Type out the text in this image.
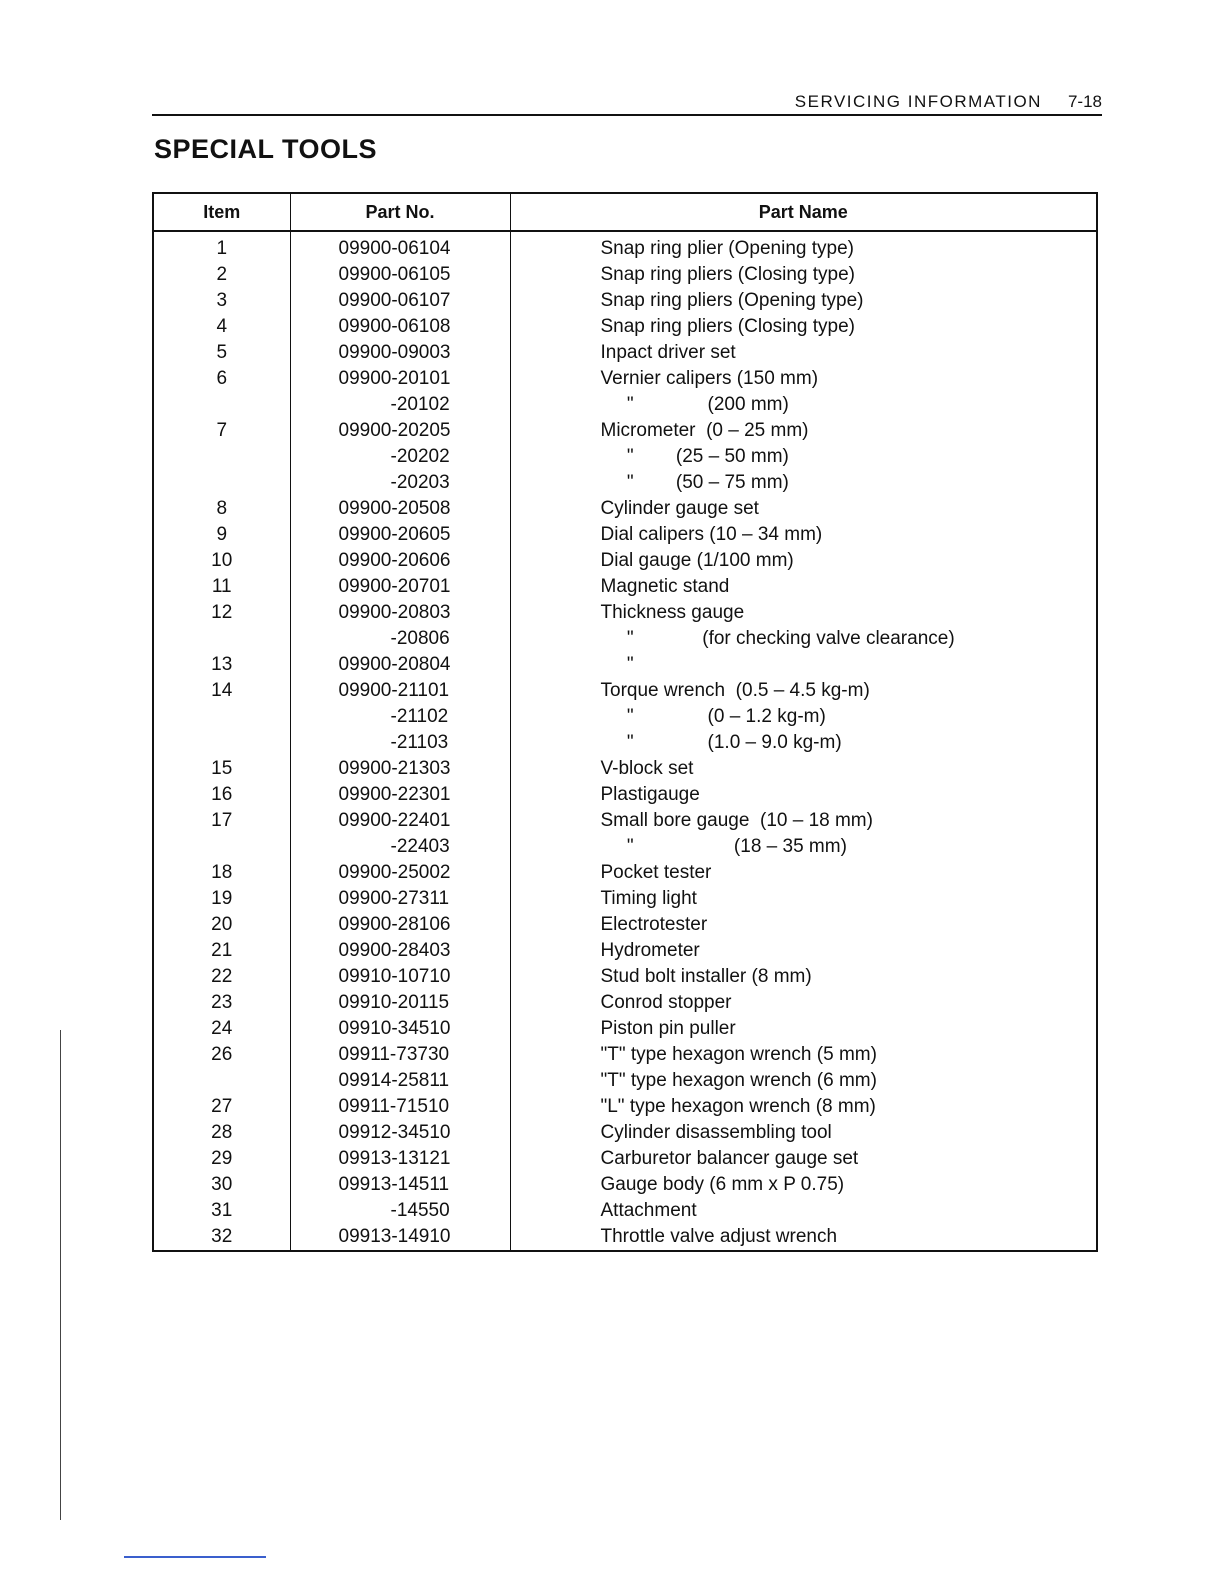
SERVICING INFORMATION 7-18
SPECIAL TOOLS
Item	Part No.	Part Name

1	09900-06104	Snap ring plier (Opening type)
2	09900-06105	Snap ring pliers (Closing type)
3	09900-06107	Snap ring pliers (Opening type)
4	09900-06108	Snap ring pliers (Closing type)
5	09900-09003	Inpact driver set
6	09900-20101	Vernier calipers (150 mm)
	-20102	"              (200 mm)
7	09900-20205	Micrometer  (0 – 25 mm)
	-20202	"        (25 – 50 mm)
	-20203	"        (50 – 75 mm)
8	09900-20508	Cylinder gauge set
9	09900-20605	Dial calipers (10 – 34 mm)
10	09900-20606	Dial gauge (1/100 mm)
11	09900-20701	Magnetic stand
12	09900-20803	Thickness gauge
	-20806	"             (for checking valve clearance)
13	09900-20804	"
14	09900-21101	Torque wrench  (0.5 – 4.5 kg-m)
	-21102	"              (0 – 1.2 kg-m)
	-21103	"              (1.0 – 9.0 kg-m)
15	09900-21303	V-block set
16	09900-22301	Plastigauge
17	09900-22401	Small bore gauge  (10 – 18 mm)
	-22403	"                   (18 – 35 mm)
18	09900-25002	Pocket tester
19	09900-27311	Timing light
20	09900-28106	Electrotester
21	09900-28403	Hydrometer
22	09910-10710	Stud bolt installer (8 mm)
23	09910-20115	Conrod stopper
24	09910-34510	Piston pin puller
26	09911-73730	"T" type hexagon wrench (5 mm)
	09914-25811	"T" type hexagon wrench (6 mm)
27	09911-71510	"L" type hexagon wrench (8 mm)
28	09912-34510	Cylinder disassembling tool
29	09913-13121	Carburetor balancer gauge set
30	09913-14511	Gauge body (6 mm x P 0.75)
31	-14550	Attachment
32	09913-14910	Throttle valve adjust wrench
